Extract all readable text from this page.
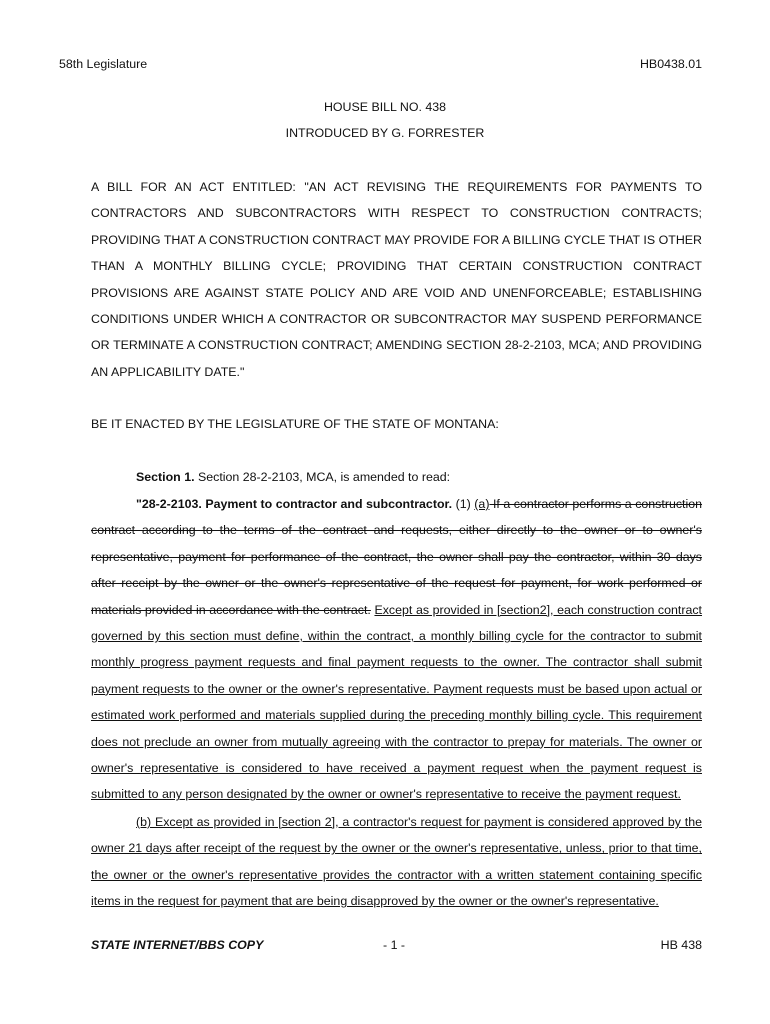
58th Legislature	HB0438.01
HOUSE BILL NO. 438
INTRODUCED BY G. FORRESTER
A BILL FOR AN ACT ENTITLED: "AN ACT REVISING THE REQUIREMENTS FOR PAYMENTS TO CONTRACTORS AND SUBCONTRACTORS WITH RESPECT TO CONSTRUCTION CONTRACTS; PROVIDING THAT A CONSTRUCTION CONTRACT MAY PROVIDE FOR A BILLING CYCLE THAT IS OTHER THAN A MONTHLY BILLING CYCLE; PROVIDING THAT CERTAIN CONSTRUCTION CONTRACT PROVISIONS ARE AGAINST STATE POLICY AND ARE VOID AND UNENFORCEABLE; ESTABLISHING CONDITIONS UNDER WHICH A CONTRACTOR OR SUBCONTRACTOR MAY SUSPEND PERFORMANCE OR TERMINATE A CONSTRUCTION CONTRACT; AMENDING SECTION 28-2-2103, MCA; AND PROVIDING AN APPLICABILITY DATE."
BE IT ENACTED BY THE LEGISLATURE OF THE STATE OF MONTANA:
Section 1. Section 28-2-2103, MCA, is amended to read:
"28-2-2103. Payment to contractor and subcontractor. (1) (a) If a contractor performs a construction contract according to the terms of the contract and requests, either directly to the owner or to owner's representative, payment for performance of the contract, the owner shall pay the contractor, within 30 days after receipt by the owner or the owner's representative of the request for payment, for work performed or materials provided in accordance with the contract. Except as provided in [section2], each construction contract governed by this section must define, within the contract, a monthly billing cycle for the contractor to submit monthly progress payment requests and final payment requests to the owner. The contractor shall submit payment requests to the owner or the owner's representative. Payment requests must be based upon actual or estimated work performed and materials supplied during the preceding monthly billing cycle. This requirement does not preclude an owner from mutually agreeing with the contractor to prepay for materials. The owner or owner's representative is considered to have received a payment request when the payment request is submitted to any person designated by the owner or owner's representative to receive the payment request.
(b) Except as provided in [section 2], a contractor's request for payment is considered approved by the owner 21 days after receipt of the request by the owner or the owner's representative, unless, prior to that time, the owner or the owner's representative provides the contractor with a written statement containing specific items in the request for payment that are being disapproved by the owner or the owner's representative.
STATE INTERNET/BBS COPY	- 1 -	HB 438
